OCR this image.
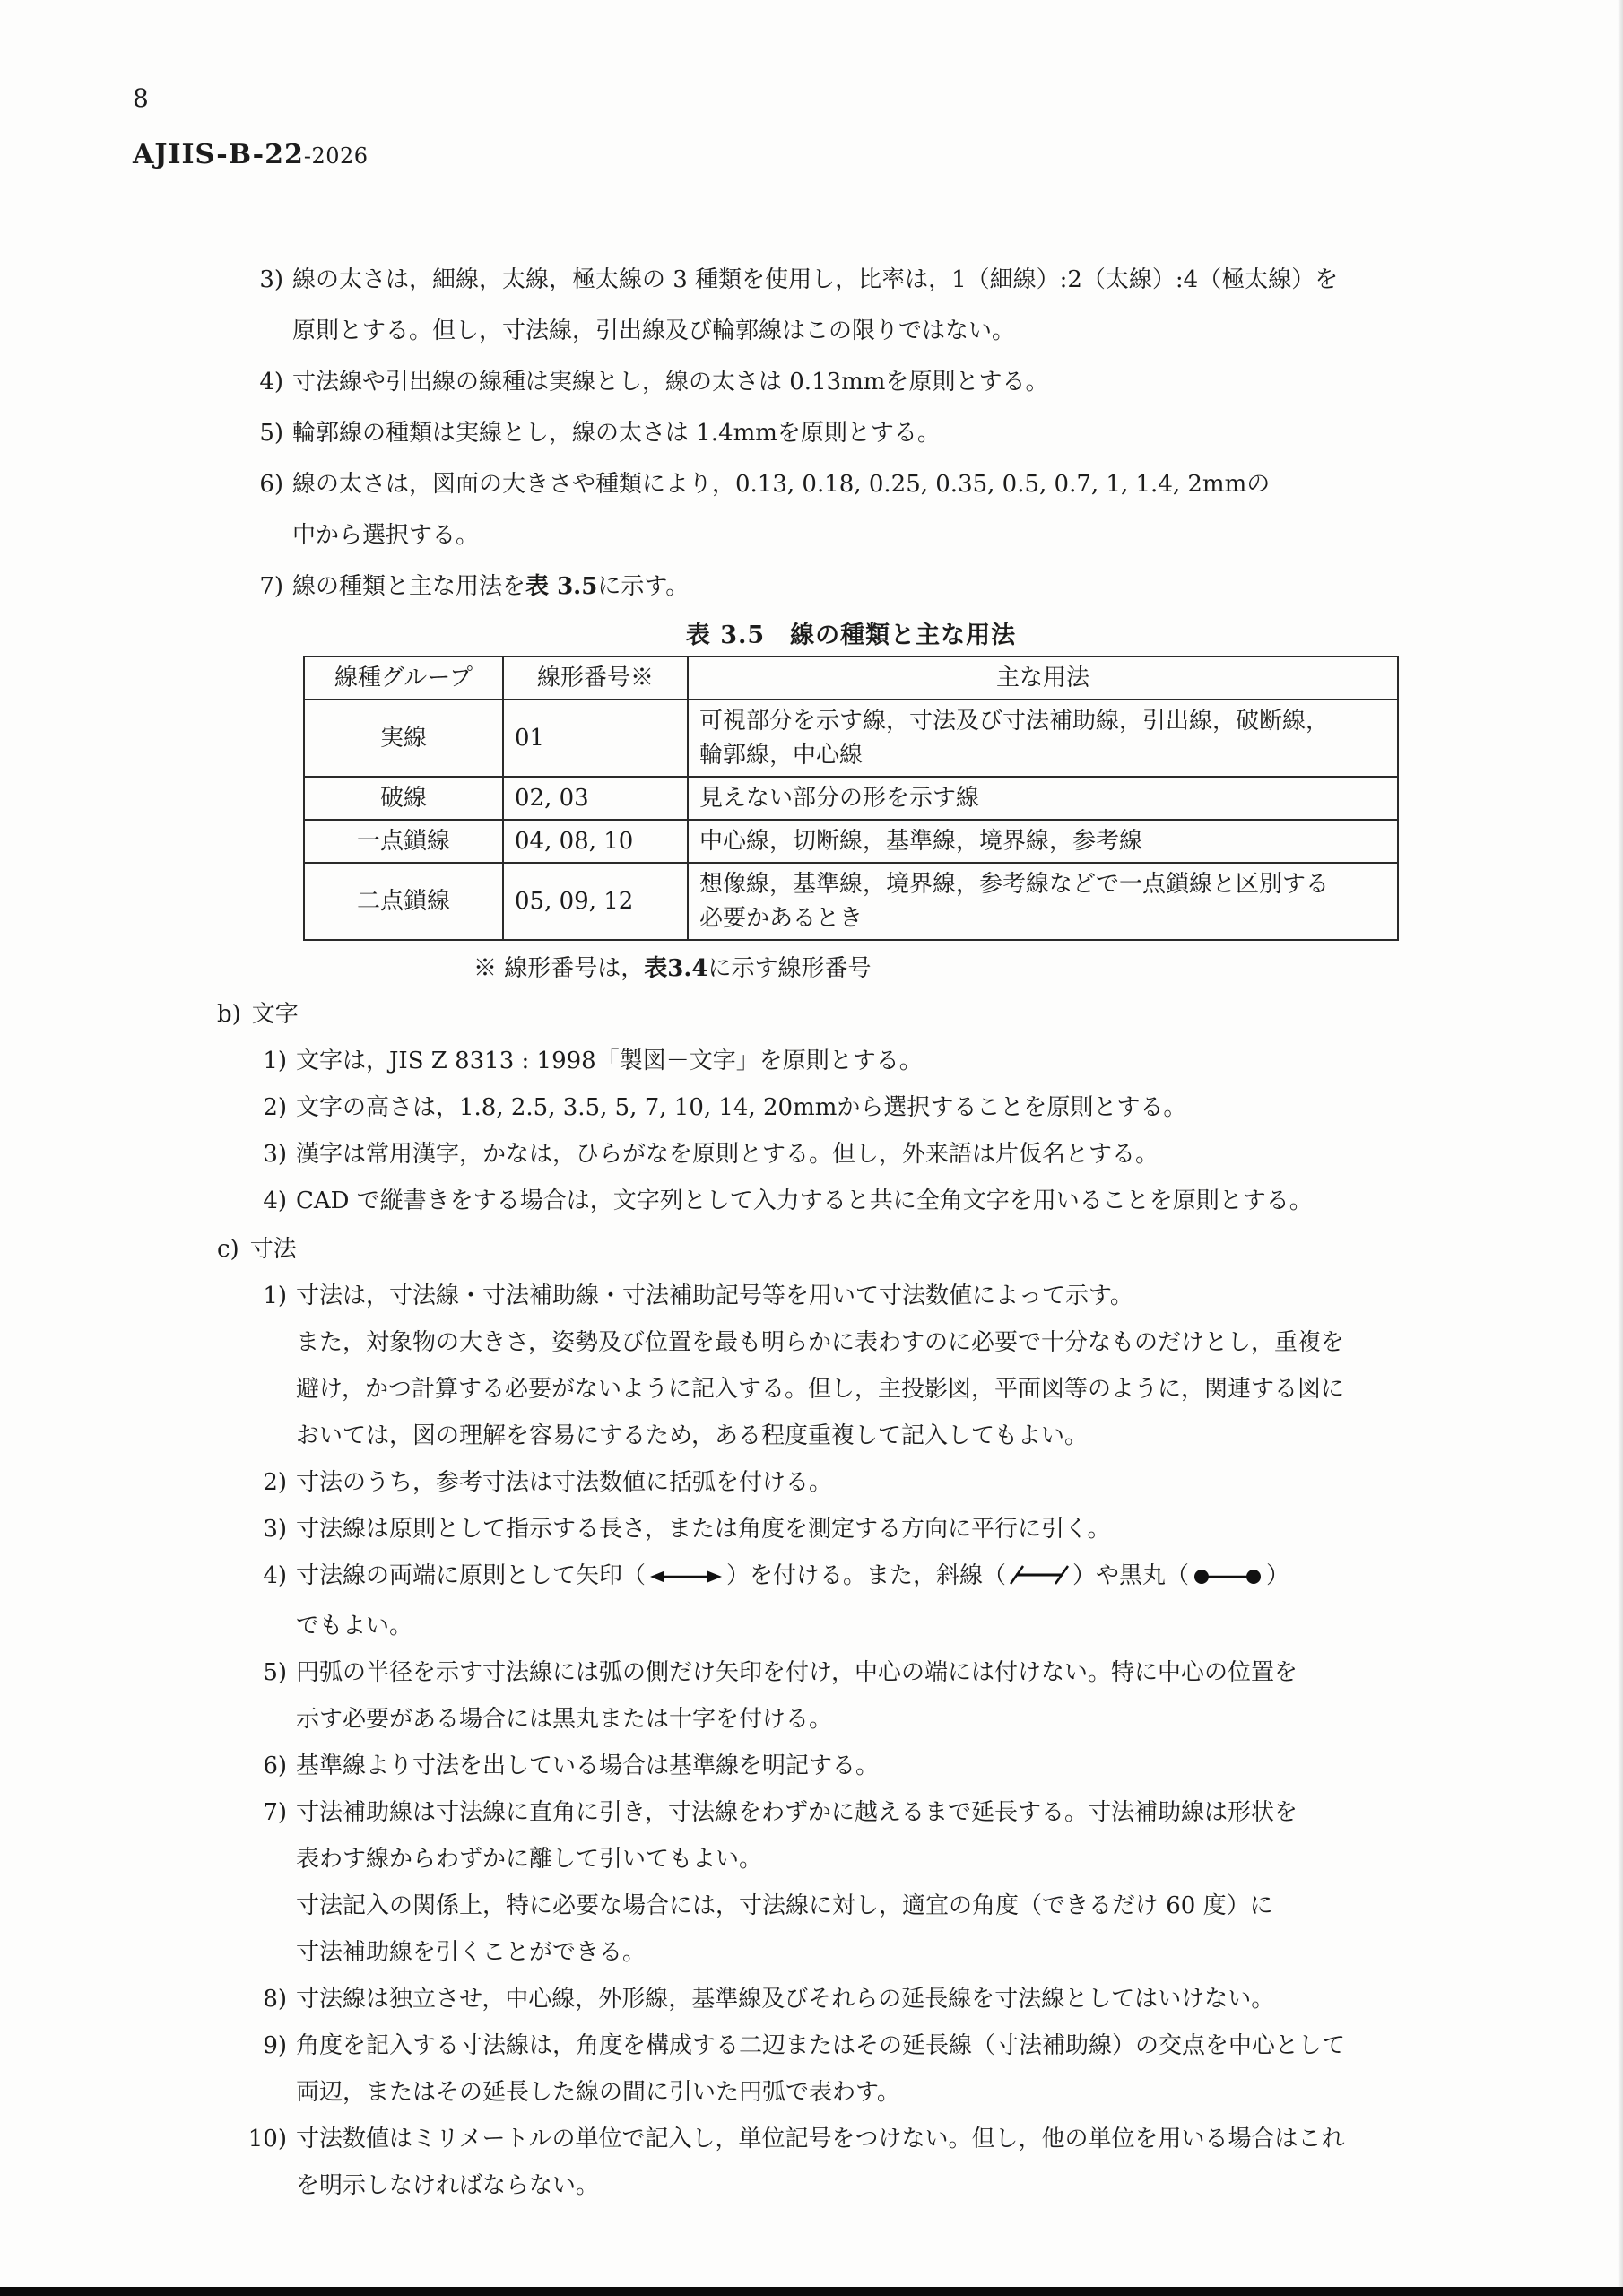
8
AJIIS-B-22-2026
3) 線の太さは，細線，太線，極太線の 3 種類を使用し，比率は，1（細線）:2（太線）:4（極太線）を
原則とする。但し，寸法線，引出線及び輪郭線はこの限りではない。
4) 寸法線や引出線の線種は実線とし，線の太さは 0.13mmを原則とする。
5) 輪郭線の種類は実線とし，線の太さは 1.4mmを原則とする。
6) 線の太さは，図面の大きさや種類により，0.13, 0.18, 0.25, 0.35, 0.5, 0.7, 1, 1.4, 2mmの
中から選択する。
7) 線の種類と主な用法を表 3.5に示す。
表 3.5　線の種類と主な用法
線種グループ	線形番号※	主な用法
実線	01	可視部分を示す線，寸法及び寸法補助線，引出線，破断線，
輪郭線，中心線

破線	02, 03	見えない部分の形を示す線

一点鎖線	04, 08, 10	中心線，切断線，基準線，境界線，参考線

二点鎖線	05, 09, 12	想像線，基準線，境界線，参考線などで一点鎖線と区別する
必要かあるとき
※ 線形番号は，表3.4に示す線形番号
b) 文字
1) 文字は，JIS Z 8313 : 1998「製図－文字」を原則とする。
2) 文字の高さは，1.8, 2.5, 3.5, 5, 7, 10, 14, 20mmから選択することを原則とする。
3) 漢字は常用漢字，かなは，ひらがなを原則とする。但し，外来語は片仮名とする。
4) CAD で縦書きをする場合は，文字列として入力すると共に全角文字を用いることを原則とする。
c) 寸法
1) 寸法は，寸法線・寸法補助線・寸法補助記号等を用いて寸法数値によって示す。
また，対象物の大きさ，姿勢及び位置を最も明らかに表わすのに必要で十分なものだけとし，重複を
避け，かつ計算する必要がないように記入する。但し，主投影図，平面図等のように，関連する図に
おいては，図の理解を容易にするため，ある程度重複して記入してもよい。
2) 寸法のうち，参考寸法は寸法数値に括弧を付ける。
3) 寸法線は原則として指示する長さ，または角度を測定する方向に平行に引く。
4) 寸法線の両端に原則として矢印（	）を付ける。また，斜線（	）や黒丸（	）
でもよい。
5) 円弧の半径を示す寸法線には弧の側だけ矢印を付け，中心の端には付けない。特に中心の位置を
示す必要がある場合には黒丸または十字を付ける。
6) 基準線より寸法を出している場合は基準線を明記する。
7) 寸法補助線は寸法線に直角に引き，寸法線をわずかに越えるまで延長する。寸法補助線は形状を
表わす線からわずかに離して引いてもよい。
寸法記入の関係上，特に必要な場合には，寸法線に対し，適宜の角度（できるだけ 60 度）に
寸法補助線を引くことができる。
8) 寸法線は独立させ，中心線，外形線，基準線及びそれらの延長線を寸法線としてはいけない。
9) 角度を記入する寸法線は，角度を構成する二辺またはその延長線（寸法補助線）の交点を中心として
両辺，またはその延長した線の間に引いた円弧で表わす。
10) 寸法数値はミリメートルの単位で記入し，単位記号をつけない。但し，他の単位を用いる場合はこれ
を明示しなければならない。
